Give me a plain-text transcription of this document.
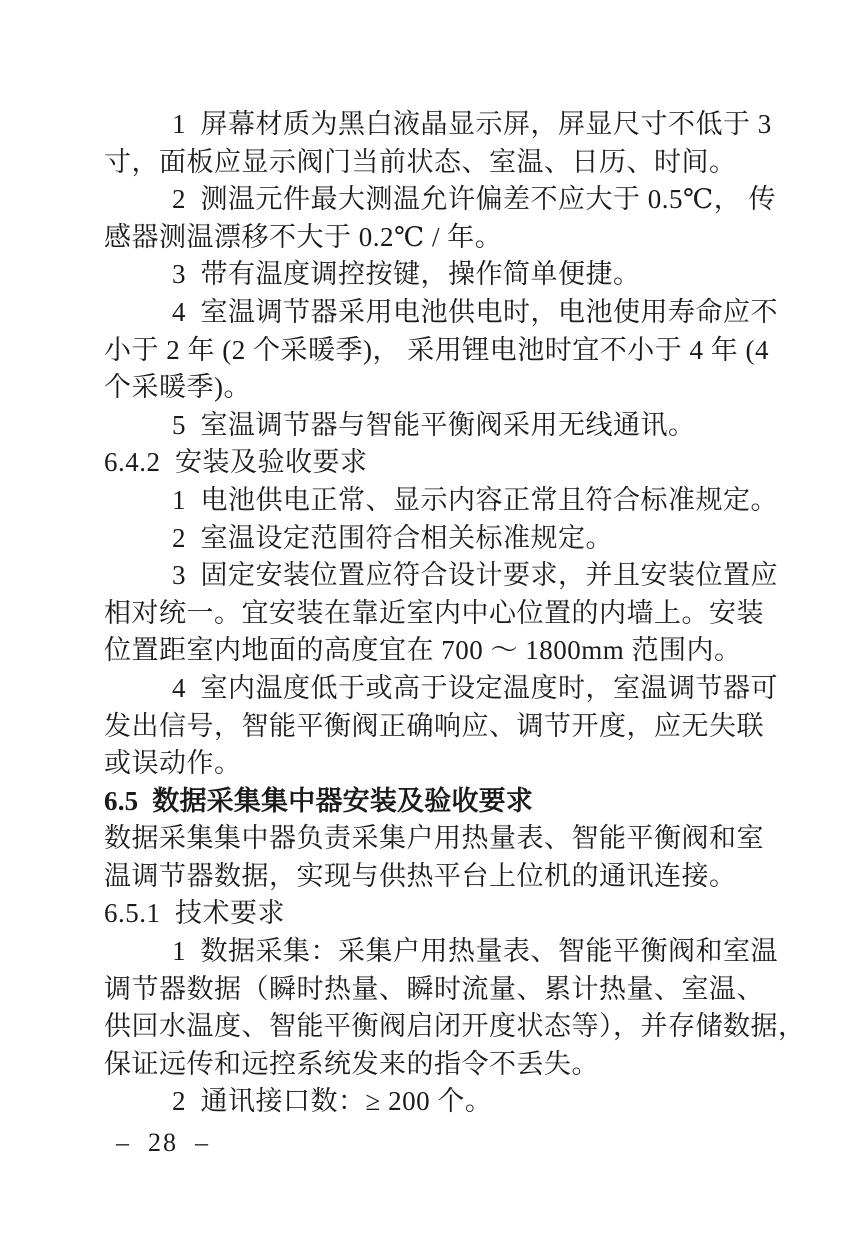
1  屏幕材质为黑白液晶显示屏，屏显尺寸不低于 3
寸，面板应显示阀门当前状态、室温、日历、时间。
2  测温元件最大测温允许偏差不应大于 0.5℃， 传
感器测温漂移不大于 0.2℃ / 年。
3  带有温度调控按键，操作简单便捷。
4  室温调节器采用电池供电时，电池使用寿命应不
小于 2 年 (2 个采暖季)， 采用锂电池时宜不小于 4 年 (4
个采暖季)。
5  室温调节器与智能平衡阀采用无线通讯。
6.4.2  安装及验收要求
1  电池供电正常、显示内容正常且符合标准规定。
2  室温设定范围符合相关标准规定。
3  固定安装位置应符合设计要求，并且安装位置应
相对统一。宜安装在靠近室内中心位置的内墙上。安装
位置距室内地面的高度宜在 700 ～ 1800mm 范围内。
4  室内温度低于或高于设定温度时，室温调节器可
发出信号，智能平衡阀正确响应、调节开度，应无失联
或误动作。
6.5  数据采集集中器安装及验收要求
数据采集集中器负责采集户用热量表、智能平衡阀和室
温调节器数据，实现与供热平台上位机的通讯连接。
6.5.1  技术要求
1  数据采集：采集户用热量表、智能平衡阀和室温
调节器数据（瞬时热量、瞬时流量、累计热量、室温、
供回水温度、智能平衡阀启闭开度状态等），并存储数据，
保证远传和远控系统发来的指令不丢失。
2  通讯接口数：≥ 200 个。
–  28  –
